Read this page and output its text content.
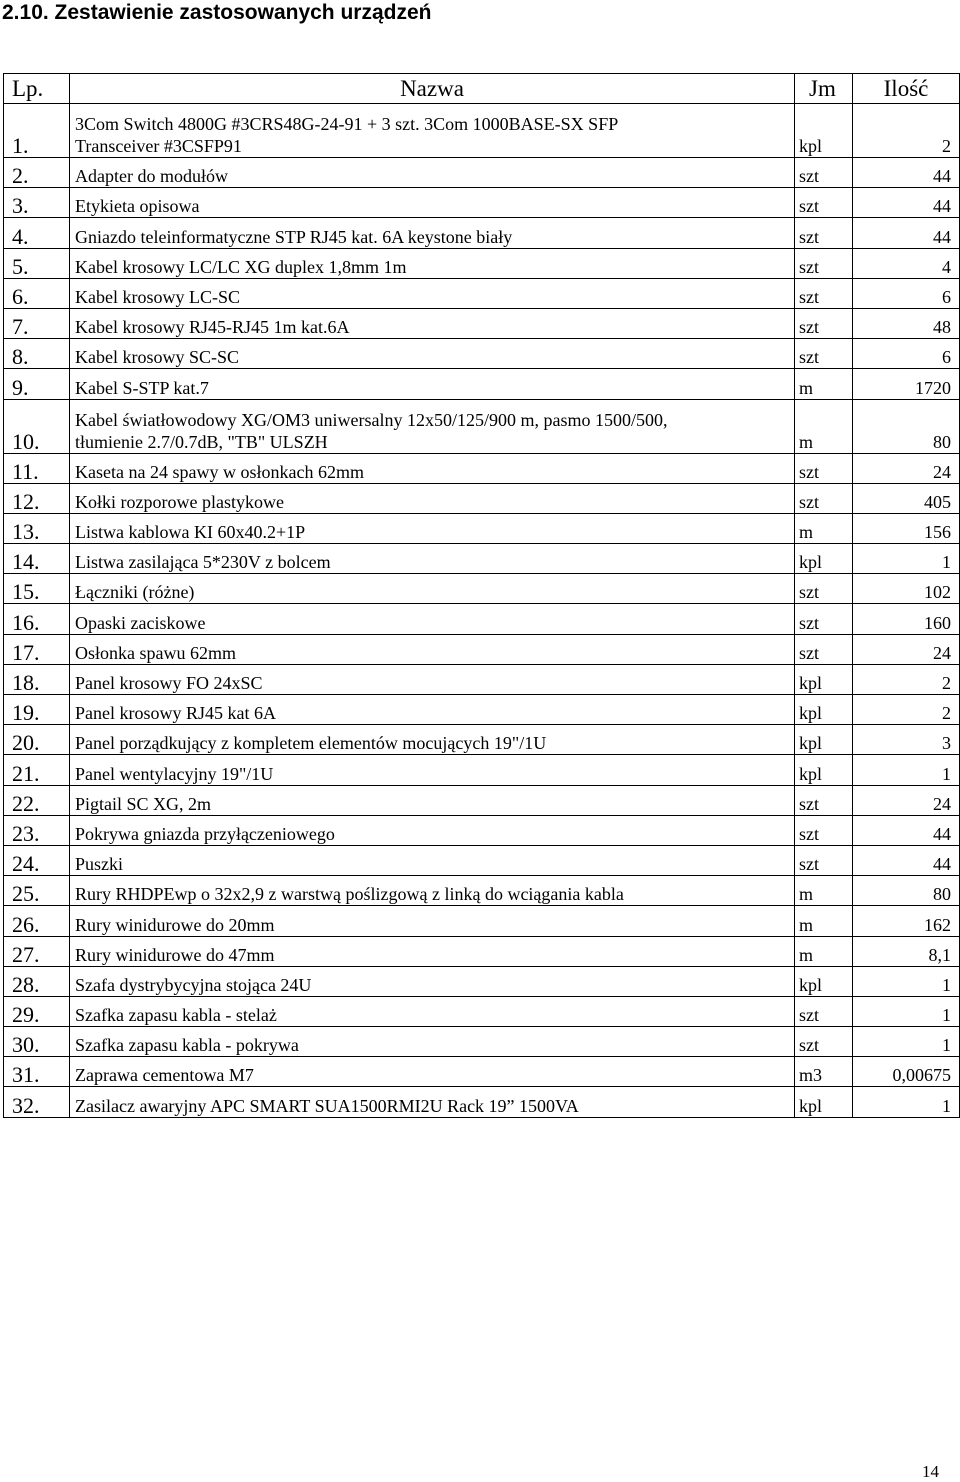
2.10. Zestawienie zastosowanych urządzeń
Lp.	Nazwa	Jm	Ilość
1.	3Com Switch 4800G #3CRS48G-24-91 + 3 szt. 3Com 1000BASE-SX SFP
Transceiver #3CSFP91	kpl	2
2.	Adapter do modułów	szt	44
3.	Etykieta opisowa	szt	44
4.	Gniazdo teleinformatyczne STP RJ45 kat. 6A keystone biały	szt	44
5.	Kabel krosowy LC/LC XG duplex 1,8mm 1m	szt	4
6.	Kabel krosowy LC-SC	szt	6
7.	Kabel krosowy RJ45-RJ45 1m kat.6A	szt	48
8.	Kabel krosowy SC-SC	szt	6
9.	Kabel S-STP kat.7	m	1720
10.	Kabel światłowodowy XG/OM3 uniwersalny 12x50/125/900 m, pasmo 1500/500,
tłumienie 2.7/0.7dB, "TB" ULSZH	m	80
11.	Kaseta na 24 spawy w osłonkach 62mm	szt	24
12.	Kołki rozporowe plastykowe	szt	405
13.	Listwa kablowa KI 60x40.2+1P	m	156
14.	Listwa zasilająca 5*230V z bolcem	kpl	1
15.	Łączniki (różne)	szt	102
16.	Opaski zaciskowe	szt	160
17.	Osłonka spawu 62mm	szt	24
18.	Panel krosowy FO 24xSC	kpl	2
19.	Panel krosowy RJ45 kat 6A	kpl	2
20.	Panel porządkujący z kompletem elementów mocujących 19"/1U	kpl	3
21.	Panel wentylacyjny 19"/1U	kpl	1
22.	Pigtail SC XG, 2m	szt	24
23.	Pokrywa gniazda przyłączeniowego	szt	44
24.	Puszki	szt	44
25.	Rury RHDPEwp o 32x2,9 z warstwą poślizgową z linką do wciągania kabla	m	80
26.	Rury winidurowe do 20mm	m	162
27.	Rury winidurowe do 47mm	m	8,1
28.	Szafa dystrybycyjna stojąca 24U	kpl	1
29.	Szafka zapasu kabla - stelaż	szt	1
30.	Szafka zapasu kabla - pokrywa	szt	1
31.	Zaprawa cementowa M7	m3	0,00675
32.	Zasilacz awaryjny APC SMART SUA1500RMI2U Rack 19” 1500VA	kpl	1
14
